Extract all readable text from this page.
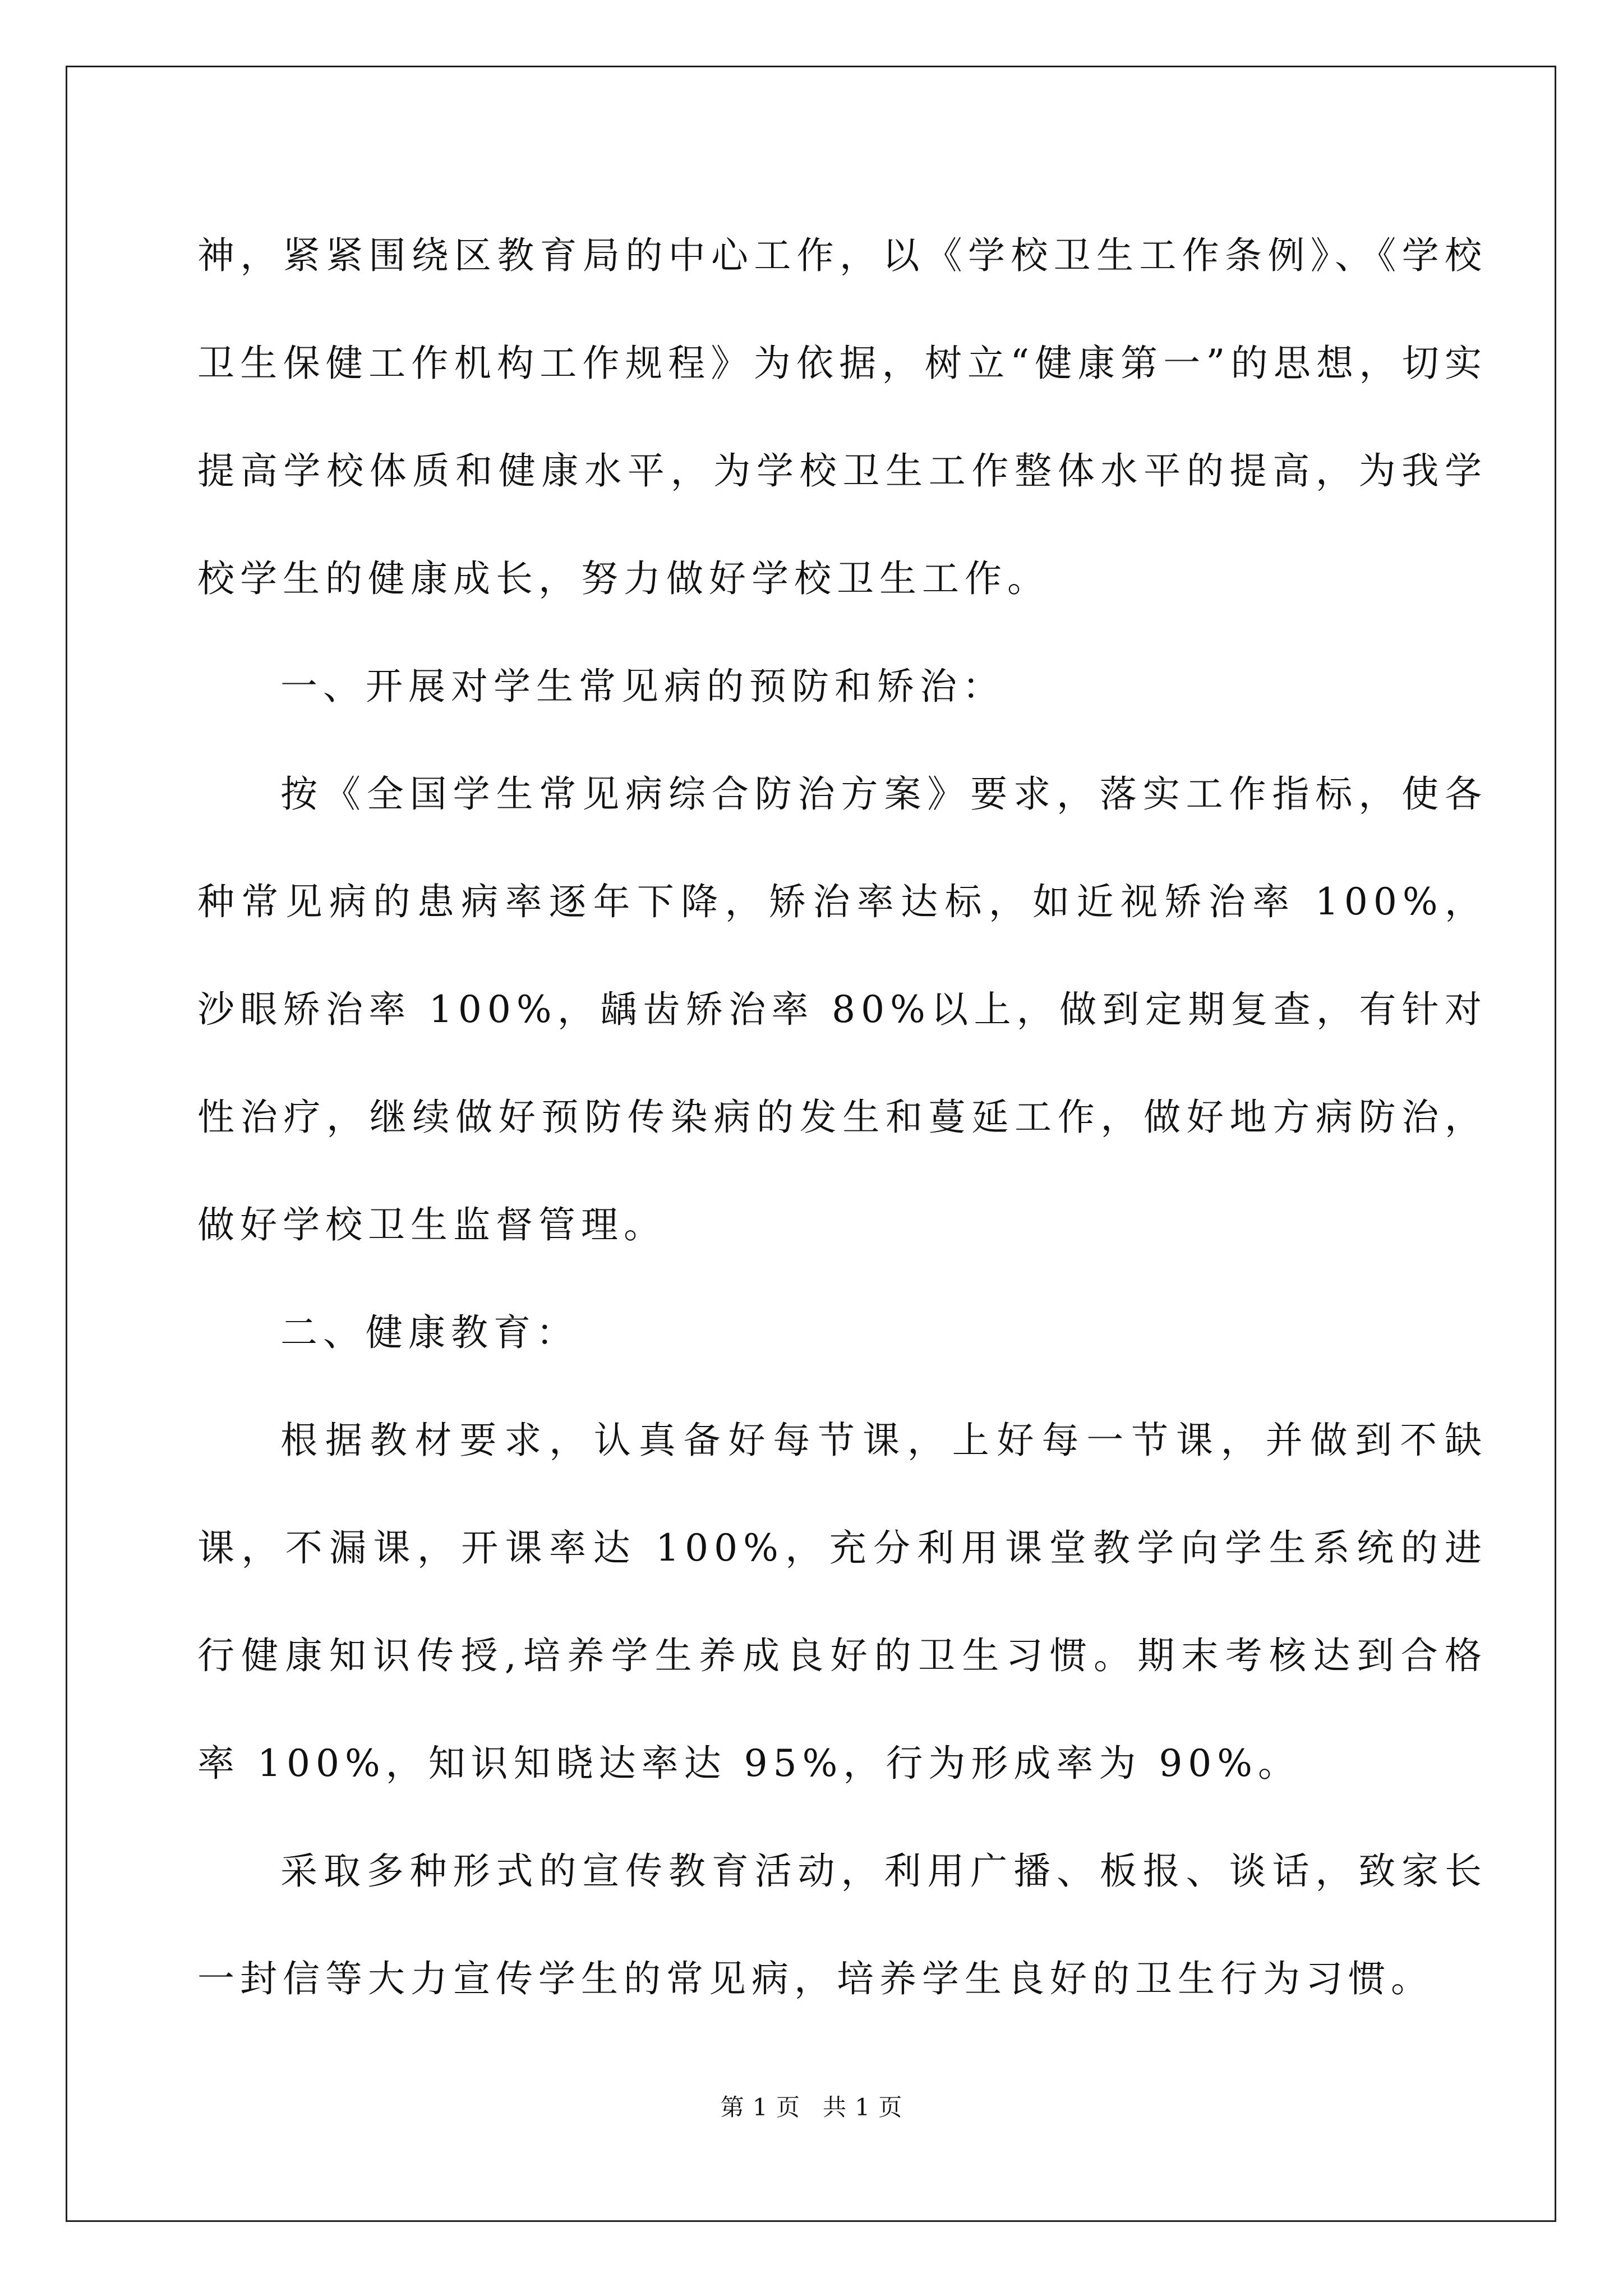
神，紧紧围绕区教育局的中心工作，以《学校卫生工作条例》、《学校卫生保健工作机构工作规程》为依据，树立“健康第一”的思想，切实提高学校体质和健康水平，为学校卫生工作整体水平的提高，为我学校学生的健康成长，努力做好学校卫生工作。

一、开展对学生常见病的预防和矫治：

按《全国学生常见病综合防治方案》要求，落实工作指标，使各种常见病的患病率逐年下降，矫治率达标，如近视矫治率 100%，沙眼矫治率 100%，龋齿矫治率 80%以上，做到定期复查，有针对性治疗，继续做好预防传染病的发生和蔓延工作，做好地方病防治，做好学校卫生监督管理。

二、健康教育：

根据教材要求，认真备好每节课，上好每一节课，并做到不缺课，不漏课，开课率达 100%，充分利用课堂教学向学生系统的进行健康知识传授,培养学生养成良好的卫生习惯。期末考核达到合格率 100%，知识知晓达率达 95%，行为形成率为 90%。

采取多种形式的宣传教育活动，利用广播、板报、谈话，致家长一封信等大力宣传学生的常见病，培养学生良好的卫生行为习惯。

第 1 页 共 1 页
